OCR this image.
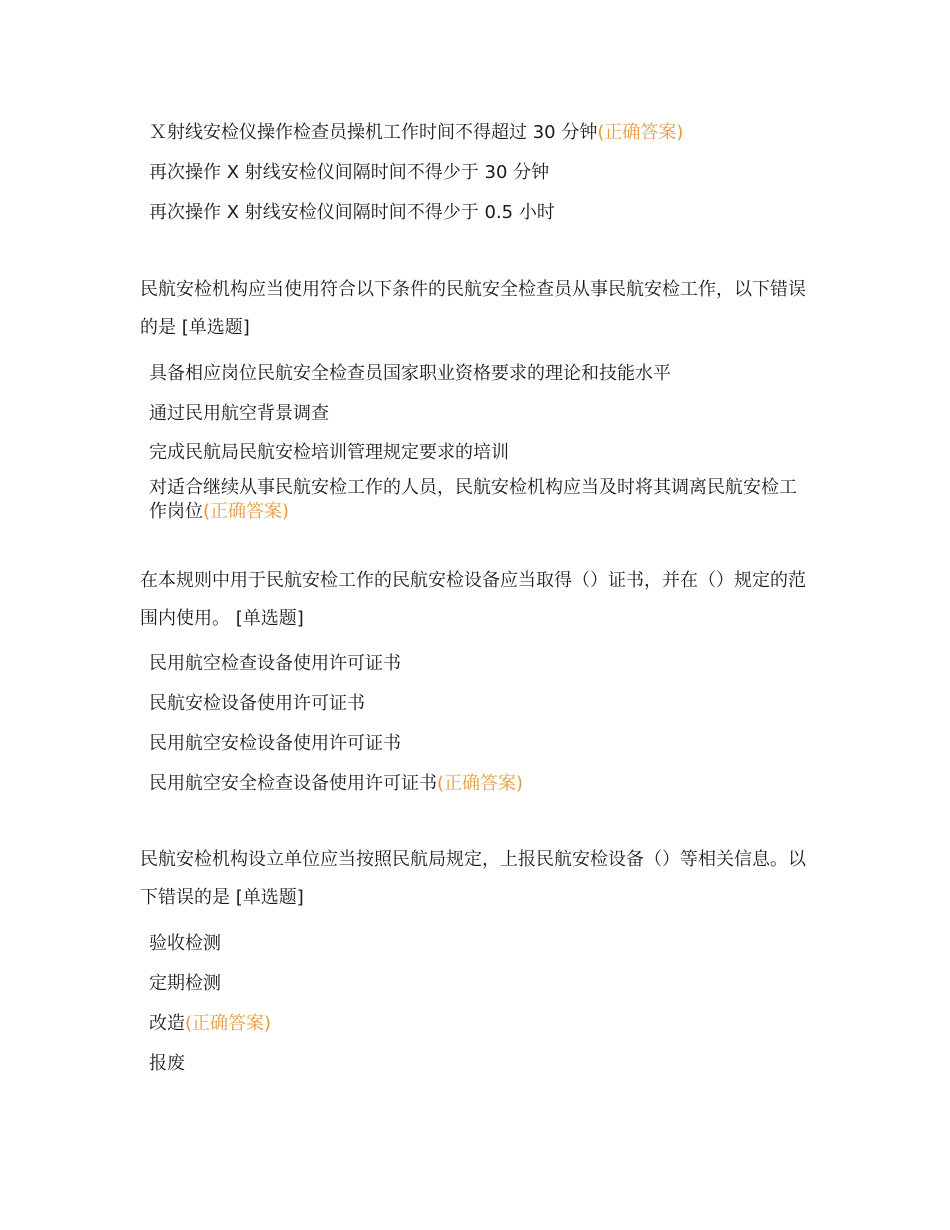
Ｘ射线安检仪操作检查员操机工作时间不得超过 30 分钟(正确答案)
再次操作 X 射线安检仪间隔时间不得少于 30 分钟
再次操作 X 射线安检仪间隔时间不得少于 0.5 小时
民航安检机构应当使用符合以下条件的民航安全检查员从事民航安检工作，以下错误的是 [单选题]
具备相应岗位民航安全检查员国家职业资格要求的理论和技能水平
通过民用航空背景调查
完成民航局民航安检培训管理规定要求的培训
对适合继续从事民航安检工作的人员，民航安检机构应当及时将其调离民航安检工作岗位(正确答案)
在本规则中用于民航安检工作的民航安检设备应当取得（）证书，并在（）规定的范围内使用。 [单选题]
民用航空检查设备使用许可证书
民航安检设备使用许可证书
民用航空安检设备使用许可证书
民用航空安全检查设备使用许可证书(正确答案)
民航安检机构设立单位应当按照民航局规定，上报民航安检设备（）等相关信息。以下错误的是 [单选题]
验收检测
定期检测
改造(正确答案)
报废
